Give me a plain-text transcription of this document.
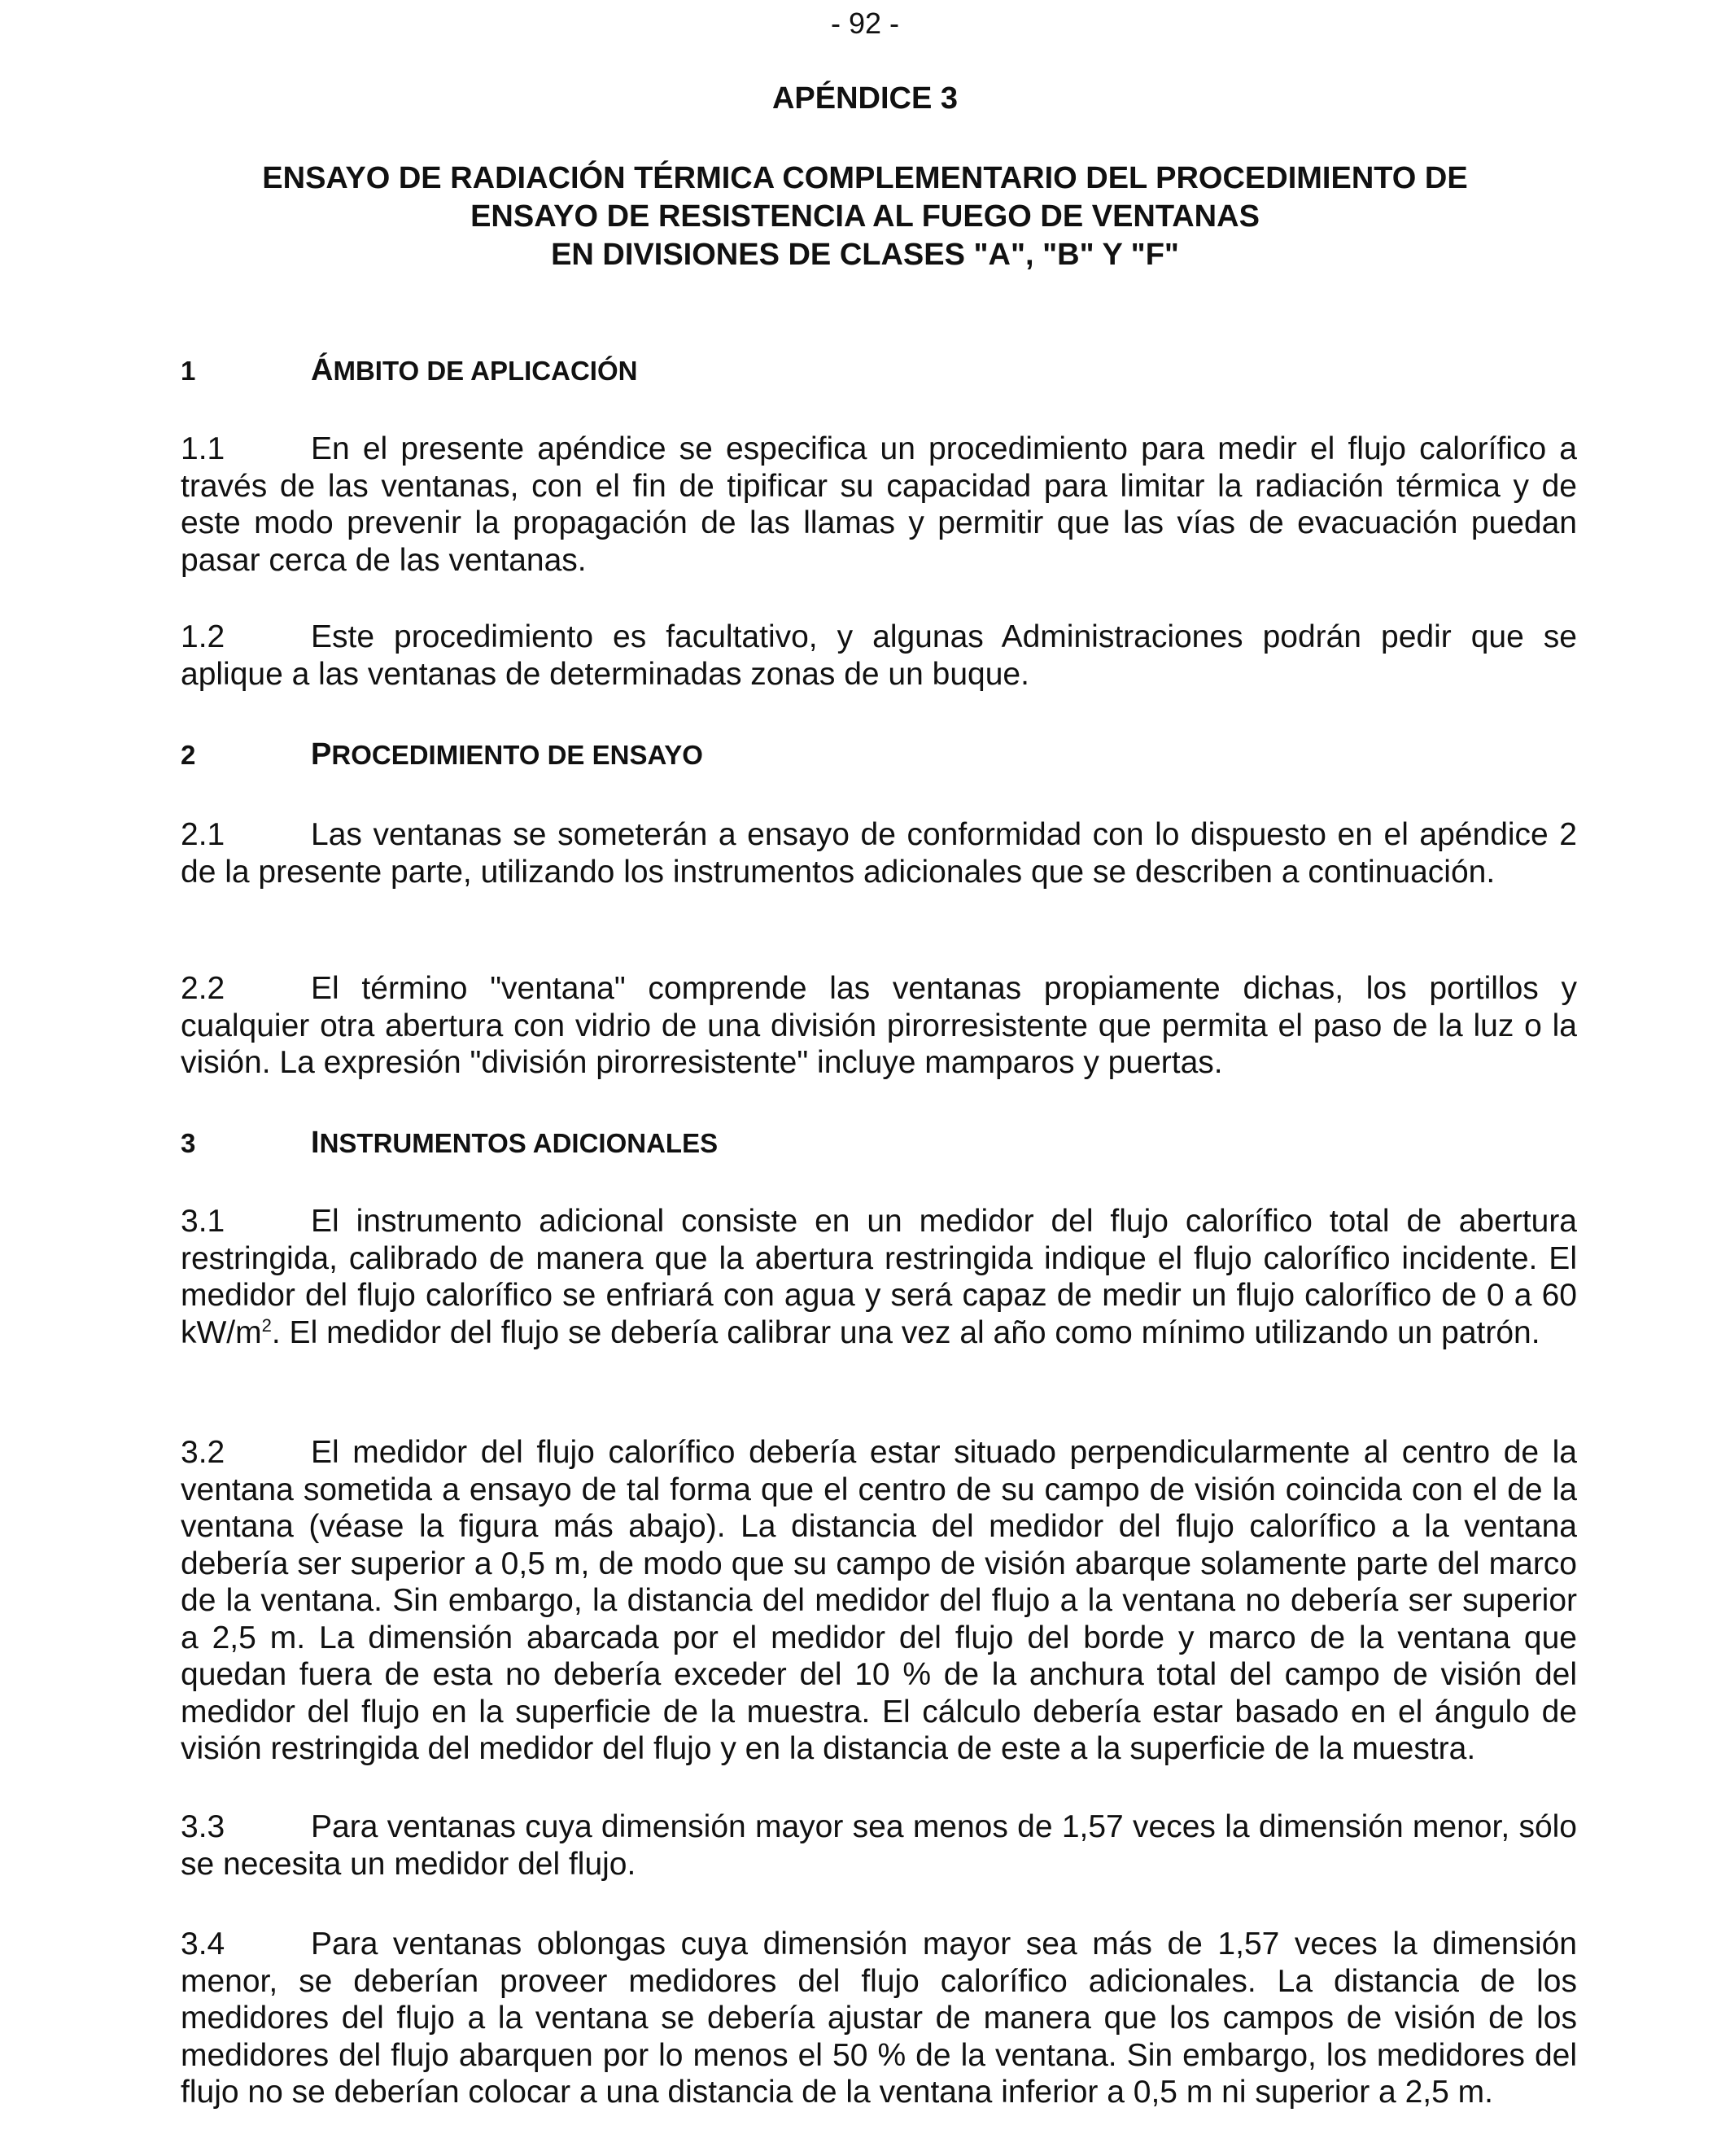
- 92 -
APÉNDICE 3
ENSAYO DE RADIACIÓN TÉRMICA COMPLEMENTARIO DEL PROCEDIMIENTO DE
ENSAYO DE RESISTENCIA AL FUEGO DE VENTANAS
EN DIVISIONES DE CLASES "A", "B" Y "F"
1	ÁMBITO DE APLICACIÓN
1.1	En el presente apéndice se especifica un procedimiento para medir el flujo calorífico a través de las ventanas, con el fin de tipificar su capacidad para limitar la radiación térmica y de este modo prevenir la propagación de las llamas y permitir que las vías de evacuación puedan pasar cerca de las ventanas.
1.2	Este procedimiento es facultativo, y algunas Administraciones podrán pedir que se aplique a las ventanas de determinadas zonas de un buque.
2	PROCEDIMIENTO DE ENSAYO
2.1	Las ventanas se someterán a ensayo de conformidad con lo dispuesto en el apéndice 2 de la presente parte, utilizando los instrumentos adicionales que se describen a continuación.
2.2	El término "ventana" comprende las ventanas propiamente dichas, los portillos y cualquier otra abertura con vidrio de una división pirorresistente que permita el paso de la luz o la visión. La expresión "división pirorresistente" incluye mamparos y puertas.
3	INSTRUMENTOS ADICIONALES
3.1	El instrumento adicional consiste en un medidor del flujo calorífico total de abertura restringida, calibrado de manera que la abertura restringida indique el flujo calorífico incidente. El medidor del flujo calorífico se enfriará con agua y será capaz de medir un flujo calorífico de 0 a 60 $kW/m^2$. El medidor del flujo se debería calibrar una vez al año como mínimo utilizando un patrón.
3.2	El medidor del flujo calorífico debería estar situado perpendicularmente al centro de la ventana sometida a ensayo de tal forma que el centro de su campo de visión coincida con el de la ventana (véase la figura más abajo). La distancia del medidor del flujo calorífico a la ventana debería ser superior a 0,5 m, de modo que su campo de visión abarque solamente parte del marco de la ventana. Sin embargo, la distancia del medidor del flujo a la ventana no debería ser superior a 2,5 m. La dimensión abarcada por el medidor del flujo del borde y marco de la ventana que quedan fuera de esta no debería exceder del 10 % de la anchura total del campo de visión del medidor del flujo en la superficie de la muestra. El cálculo debería estar basado en el ángulo de visión restringida del medidor del flujo y en la distancia de este a la superficie de la muestra.
3.3	Para ventanas cuya dimensión mayor sea menos de 1,57 veces la dimensión menor, sólo se necesita un medidor del flujo.
3.4	Para ventanas oblongas cuya dimensión mayor sea más de 1,57 veces la dimensión menor, se deberían proveer medidores del flujo calorífico adicionales. La distancia de los medidores del flujo a la ventana se debería ajustar de manera que los campos de visión de los medidores del flujo abarquen por lo menos el 50 % de la ventana. Sin embargo, los medidores del flujo no se deberían colocar a una distancia de la ventana inferior a 0,5 m ni superior a 2,5 m.
